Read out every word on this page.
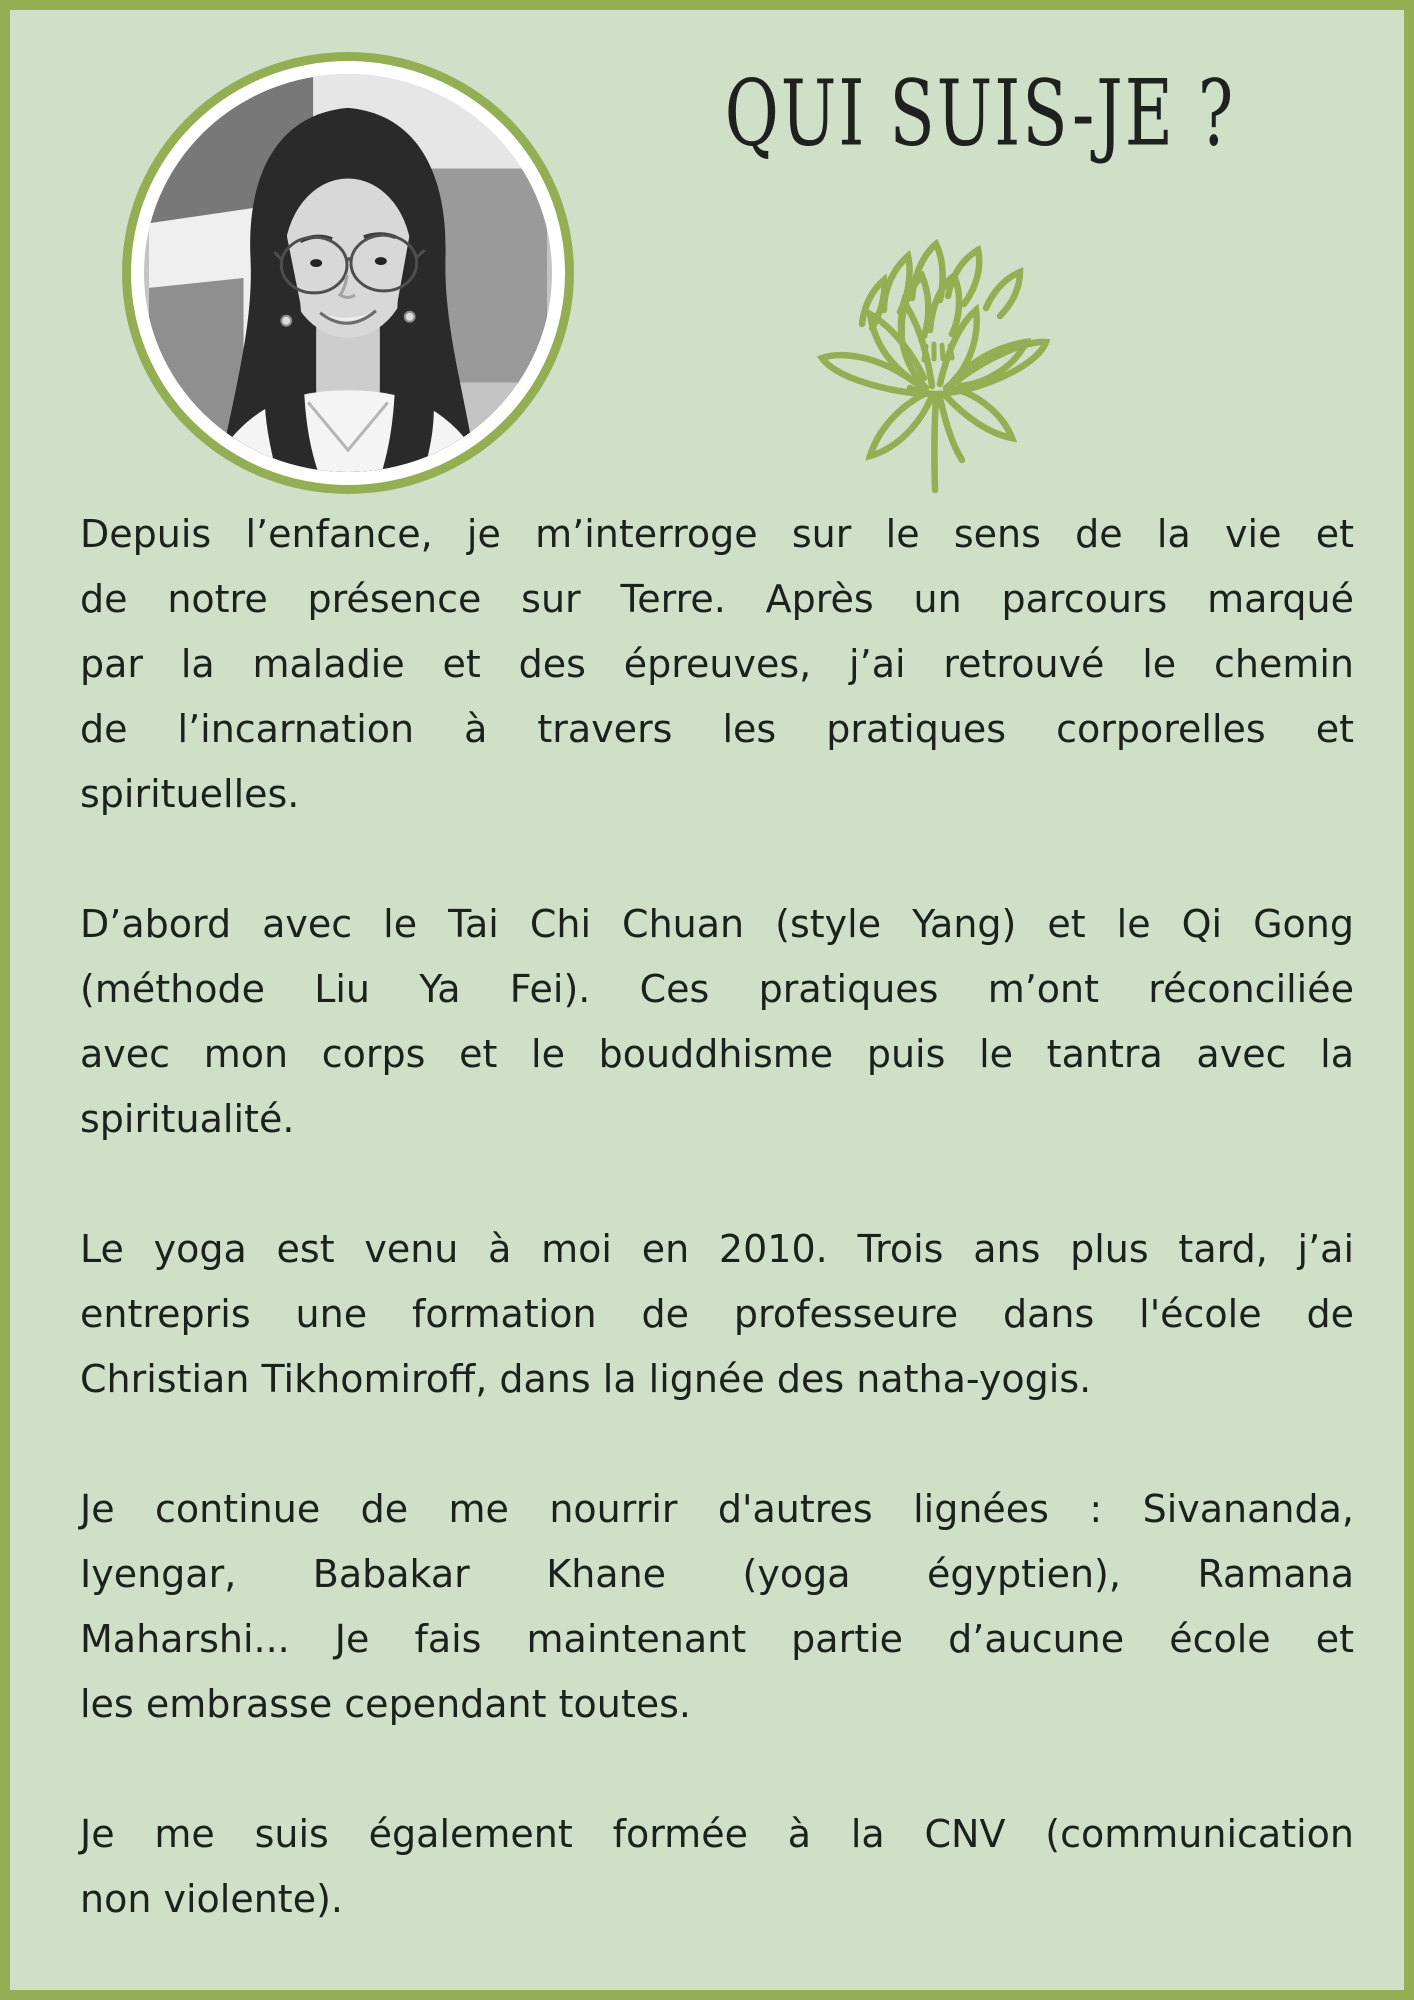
QUI SUIS-JE ?

Depuis l’enfance, je m’interroge sur le sens de la vie et
de notre présence sur Terre. Après un parcours marqué
par la maladie et des épreuves, j’ai retrouvé le chemin
de l’incarnation à travers les pratiques corporelles et
spirituelles.

D’abord avec le Tai Chi Chuan (style Yang) et le Qi Gong
(méthode Liu Ya Fei). Ces pratiques m’ont réconciliée
avec mon corps et le bouddhisme puis le tantra avec la
spiritualité.

Le yoga est venu à moi en 2010. Trois ans plus tard, j’ai
entrepris une formation de professeure dans l'école de
Christian Tikhomiroff, dans la lignée des natha-yogis.

Je continue de me nourrir d'autres lignées : Sivananda,
Iyengar, Babakar Khane (yoga égyptien), Ramana
Maharshi... Je fais maintenant partie d’aucune école et
les embrasse cependant toutes.

Je me suis également formée à la CNV (communication
non violente).
